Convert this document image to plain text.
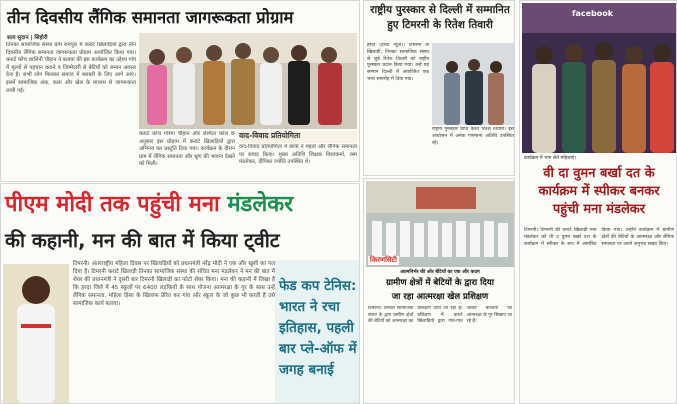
तीन दिवसीय लैंगिक समानता जागरूकता प्रोग्राम
सत्य सुदान | सिहोरी
तिनका सामाजिक संस्था ग्राम रामपुरा में कराटे खिलाड़ियों द्वारा तीन दिवसीय लैंगिक समानता जागरूकता प्रोग्राम आयोजित किया गया। कराटे कोच शालिनी चौहान ने बताया की इस कार्यक्रम का उद्देश्य गांव में मूल्यों से पहचान कराने व जिम्मेदारी से बेटियों को समान अवसर देना है। सभी लोग मिलकर समाज में बराबरी के लिए आगे आएं। इसमें सामाजिक अंक, कला और खेल के माध्यम से जागरूकता लायी गई।
कराटे कोच गरिमा चौहान और रश्मिता कोल के अनुसार इस प्रोग्राम में कराटे खिलाड़ियों द्वारा अभिनय कर प्रस्तुति दिया गया। कार्यक्रम के दौरान ग्राम में लैंगिक समानता और भ्रूण की भावना देखने को मिली।
वाद-विवाद प्रतियोगिता
वाद-विवाद प्रतियोगिता में छात्रों ने महत्व और लैंगिक समानता पर संवाद किया। मुख्य अतिथि शिक्षक विश्वकर्मा, रस्म मंडलेकर, दीपिका ज्योति उपस्थित थे।
पीएम मोदी तक पहुंची मना मंडलेकर
की कहानी, मन की बात में किया ट्वीट
टिमरनी। अंतरराष्ट्रीय महिला दिवस पर खिलाड़ियों को प्रधानमंत्री नरेंद्र मोदी ने एक और खुशी का पल दिया है। टिमरनी कराटे खिलाड़ी तिनका सामाजिक संस्था की संचित मना मंडलेकर ने मन की बात में शेयर की प्रधानमंत्री ने दूसरी बार टिमरनी खिलाड़ी का फोटो शेयर किया। मना की कहानी में लिखा है कि हरदा जिले में 45 स्कूलों पर 6400 लड़कियों के साथ योजना आत्मरक्षा के गुर के साथ उन्हें लैंगिक समानता, महिला हिंसा के खिलाफ प्रेरित कर गांव और स्कूल के जो कुछ भी करती हैं उसे सामाजिक कार्य बताया।
फेड कप टेनिस: भारत ने रचा इतिहास, पहली बार प्ले-ऑफ में जगह बनाई
राष्ट्रीय पुरस्कार से दिल्ली में सम्मानित हुए टिमरनी के रितेश तिवारी
हरदा (हरदा न्यूज़)। टिमरनी के खिलाड़ी, तिनका सामाजिक संस्था से जुड़े रितेश तिवारी को राष्ट्रीय पुरस्कार प्रदान किया गया। उन्हें यह सम्मान दिल्ली में आयोजित एक भव्य समारोह में दिया गया।
राष्ट्रीय पुरस्कार प्राप्त करते रितेश तिवारी। इस आयोजन में अनेक गणमान्य अतिथि उपस्थित रहे।
किरणसिटी
आत्मनिर्भर की ओर बेटियों का एक और कदम
ग्रामीण क्षेत्रों में बेटियों के द्वारा दिया
जा रहा आत्मरक्षा खेल प्रशिक्षण
टिमरनी। तिनका सामाजिक संस्था के द्वारा ग्रामीण क्षेत्रों की बेटियों को आत्मरक्षा का प्रशिक्षण दिया जा रहा है। प्रशिक्षण में कराटे खिलाड़ियों द्वारा गांव-गांव जाकर बच्चियों को आत्मरक्षा के गुर सिखाए जा रहे हैं।
facebook
कार्यक्रम में भाग लेते महिलाएं।
वी दा वुमन बर्खा दत के कार्यक्रम में स्पीकर बनकर पहुंची मना मंडलेकर
टिमरनी। टिमरनी की कराटे खिलाड़ी मना मंडलेकर को वी द वुमन बर्खा दत्त के कार्यक्रम में स्पीकर के रूप में आमंत्रित किया गया। उन्होंने कार्यक्रम में ग्रामीण क्षेत्रों की बेटियों के आत्मरक्षा और लैंगिक समानता पर अपने अनुभव साझा किए।
